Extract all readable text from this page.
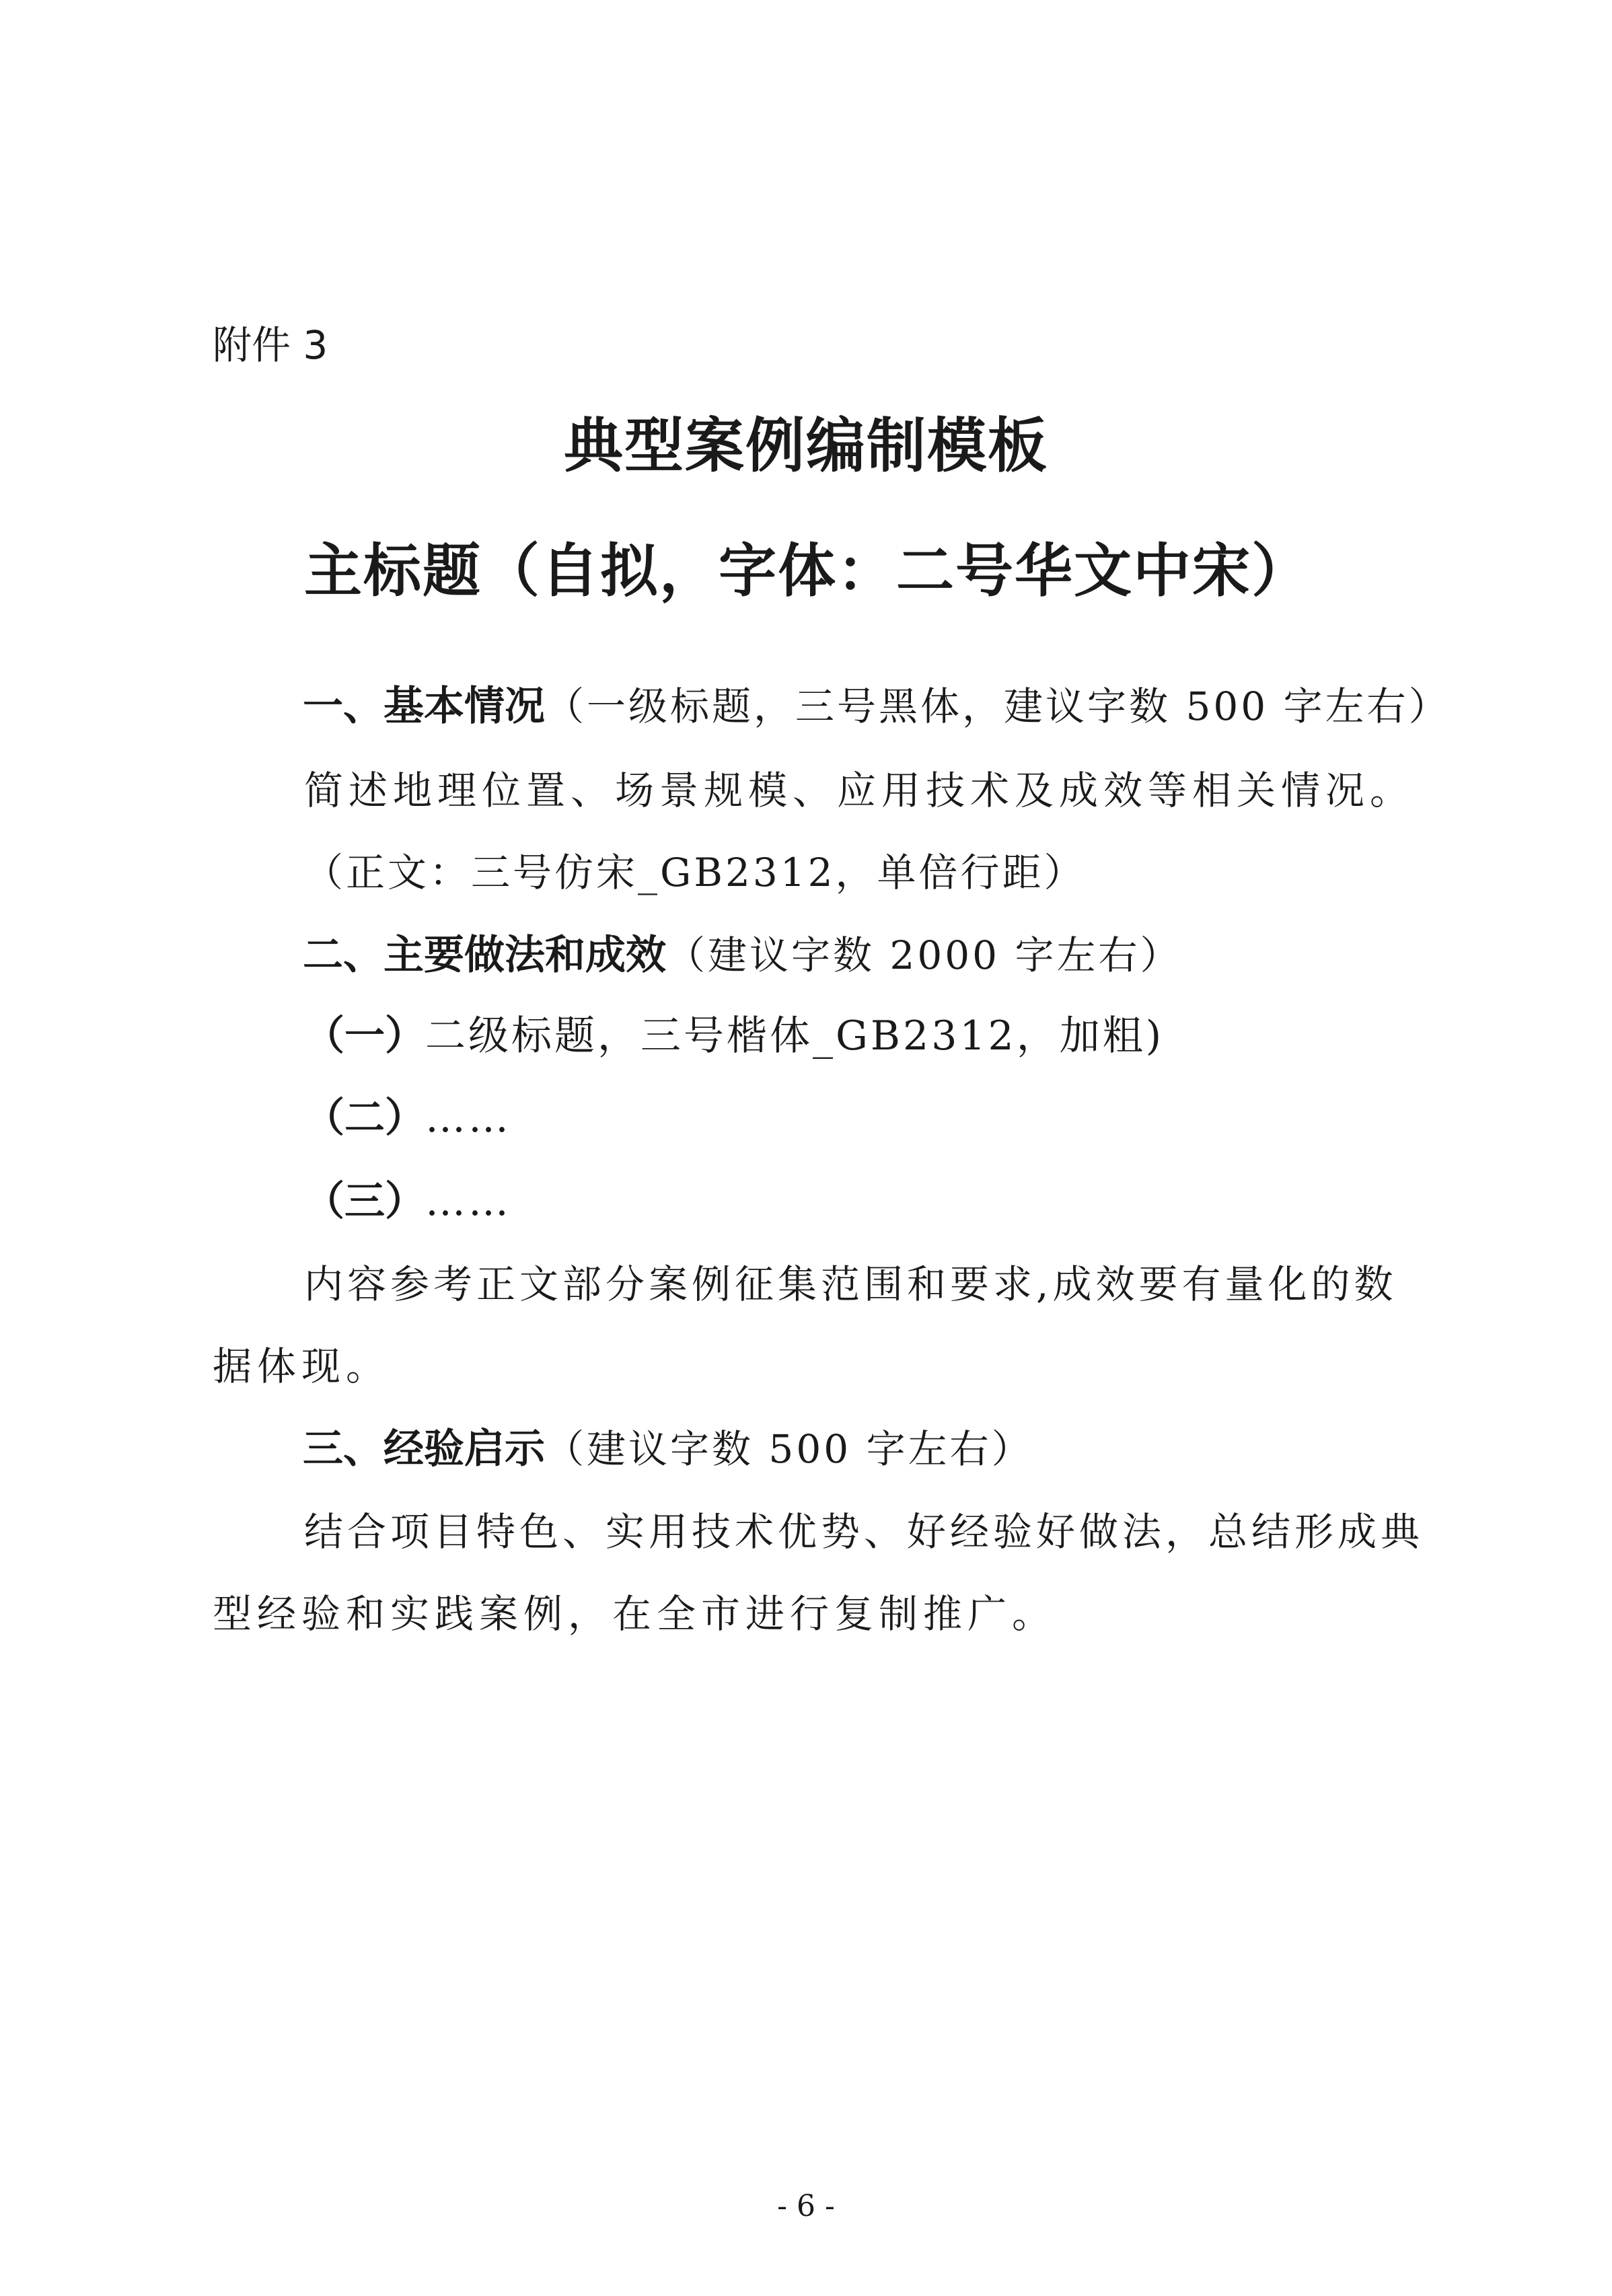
附件 3
典型案例编制模板
主标题（自拟，字体：二号华文中宋）
一、基本情况（一级标题，三号黑体，建议字数 500 字左右）
简述地理位置、场景规模、应用技术及成效等相关情况。
（正文：三号仿宋_GB2312，单倍行距）
二、主要做法和成效（建议字数 2000 字左右）
（一）二级标题，三号楷体_GB2312，加粗)
（二）……
（三）……
内容参考正文部分案例征集范围和要求,成效要有量化的数
据体现。
三、经验启示（建议字数 500 字左右）
结合项目特色、实用技术优势、好经验好做法，总结形成典
型经验和实践案例，在全市进行复制推广。
- 6 -
